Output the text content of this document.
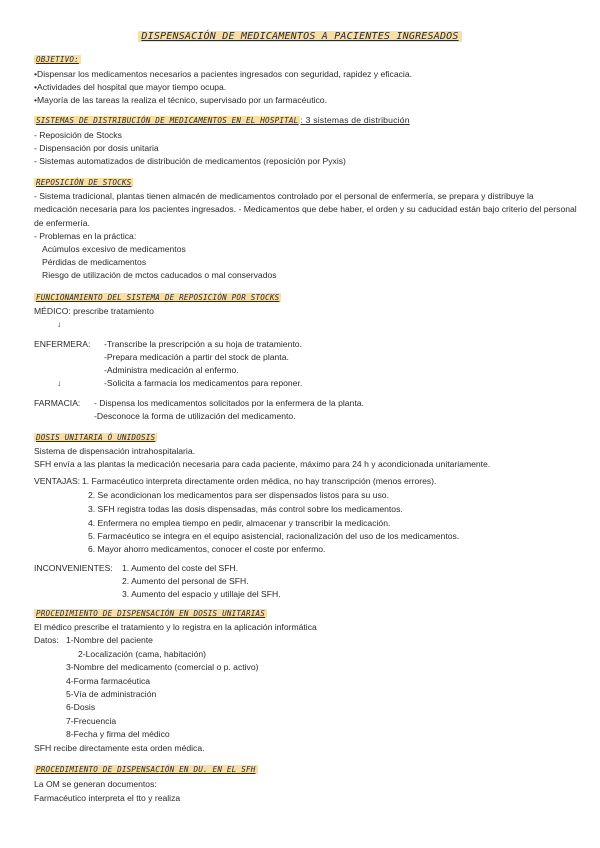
DISPENSACIÓN DE MEDICAMENTOS A PACIENTES INGRESADOS
OBJETIVO:
•Dispensar los medicamentos necesarios a pacientes ingresados con seguridad, rapidez y eficacia.
•Actividades del hospital que mayor tiempo ocupa.
•Mayoría de las tareas la realiza el técnico, supervisado por un farmacéutico.
SISTEMAS DE DISTRIBUCIÓN DE MEDICAMENTOS EN EL HOSPITAL : 3 sistemas de distribución
- Reposición de Stocks
- Dispensación por dosis unitaria
- Sistemas automatizados de distribución de medicamentos (reposición por Pyxis)
REPOSICIÓN DE STOCKS
- Sistema tradicional, plantas tienen almacén de medicamentos controlado por el personal de enfermería, se prepara y distribuye la medicación necesaria para los pacientes ingresados. - Medicamentos que debe haber, el orden y su caducidad están bajo criterio del personal de enfermería.
- Problemas en la práctica:
Acúmulos excesivo de medicamentos
Pérdidas de medicamentos
Riesgo de utilización de mctos caducados o mal conservados
FUNCIONAMIENTO DEL SISTEMA DE REPOSICIÓN POR STOCKS
MÉDICO: prescribe tratamiento
↓
ENFERMERA: -Transcribe la prescripción a su hoja de tratamiento.
-Prepara medicación a partir del stock de planta.
-Administra medicación al enfermo.
↓	-Solicita a farmacia los medicamentos para reponer.
FARMACIA: - Dispensa los medicamentos solicitados por la enfermera de la planta.
-Desconoce la forma de utilización del medicamento.
DOSIS UNITARIA Ó UNIDOSIS
Sistema de dispensación intrahospitalaria.
SFH envía a las plantas la medicación necesaria para cada paciente, máximo para 24 h y acondicionada unitariamente.
VENTAJAS: 1. Farmacéutico interpreta directamente orden médica, no hay transcripción (menos errores).
2. Se acondicionan los medicamentos para ser dispensados listos para su uso.
3. SFH registra todas las dosis dispensadas, más control sobre los medicamentos.
4. Enfermera no emplea tiempo en pedir, almacenar y transcribir la medicación.
5. Farmacéutico se integra en el equipo asistencial, racionalización del uso de los medicamentos.
6. Mayor ahorro medicamentos, conocer el coste por enfermo.
INCONVENIENTES: 1. Aumento del coste del SFH.
2. Aumento del personal de SFH.
3. Aumento del espacio y utillaje del SFH.
PROCEDIMIENTO DE DISPENSACIÓN EN DOSIS UNITARIAS
El médico prescribe el tratamiento y lo registra en la aplicación informática
Datos: 1-Nombre del paciente
2-Localización (cama, habitación)
3-Nombre del medicamento (comercial o p. activo)
4-Forma farmacéutica
5-Vía de administración
6-Dosis
7-Frecuencia
8-Fecha y firma del médico
SFH recibe directamente esta orden médica.
PROCEDIMIENTO DE DISPENSACIÓN EN DU. EN EL SFH
La OM se generan documentos:
Farmacéutico interpreta el tto y realiza
